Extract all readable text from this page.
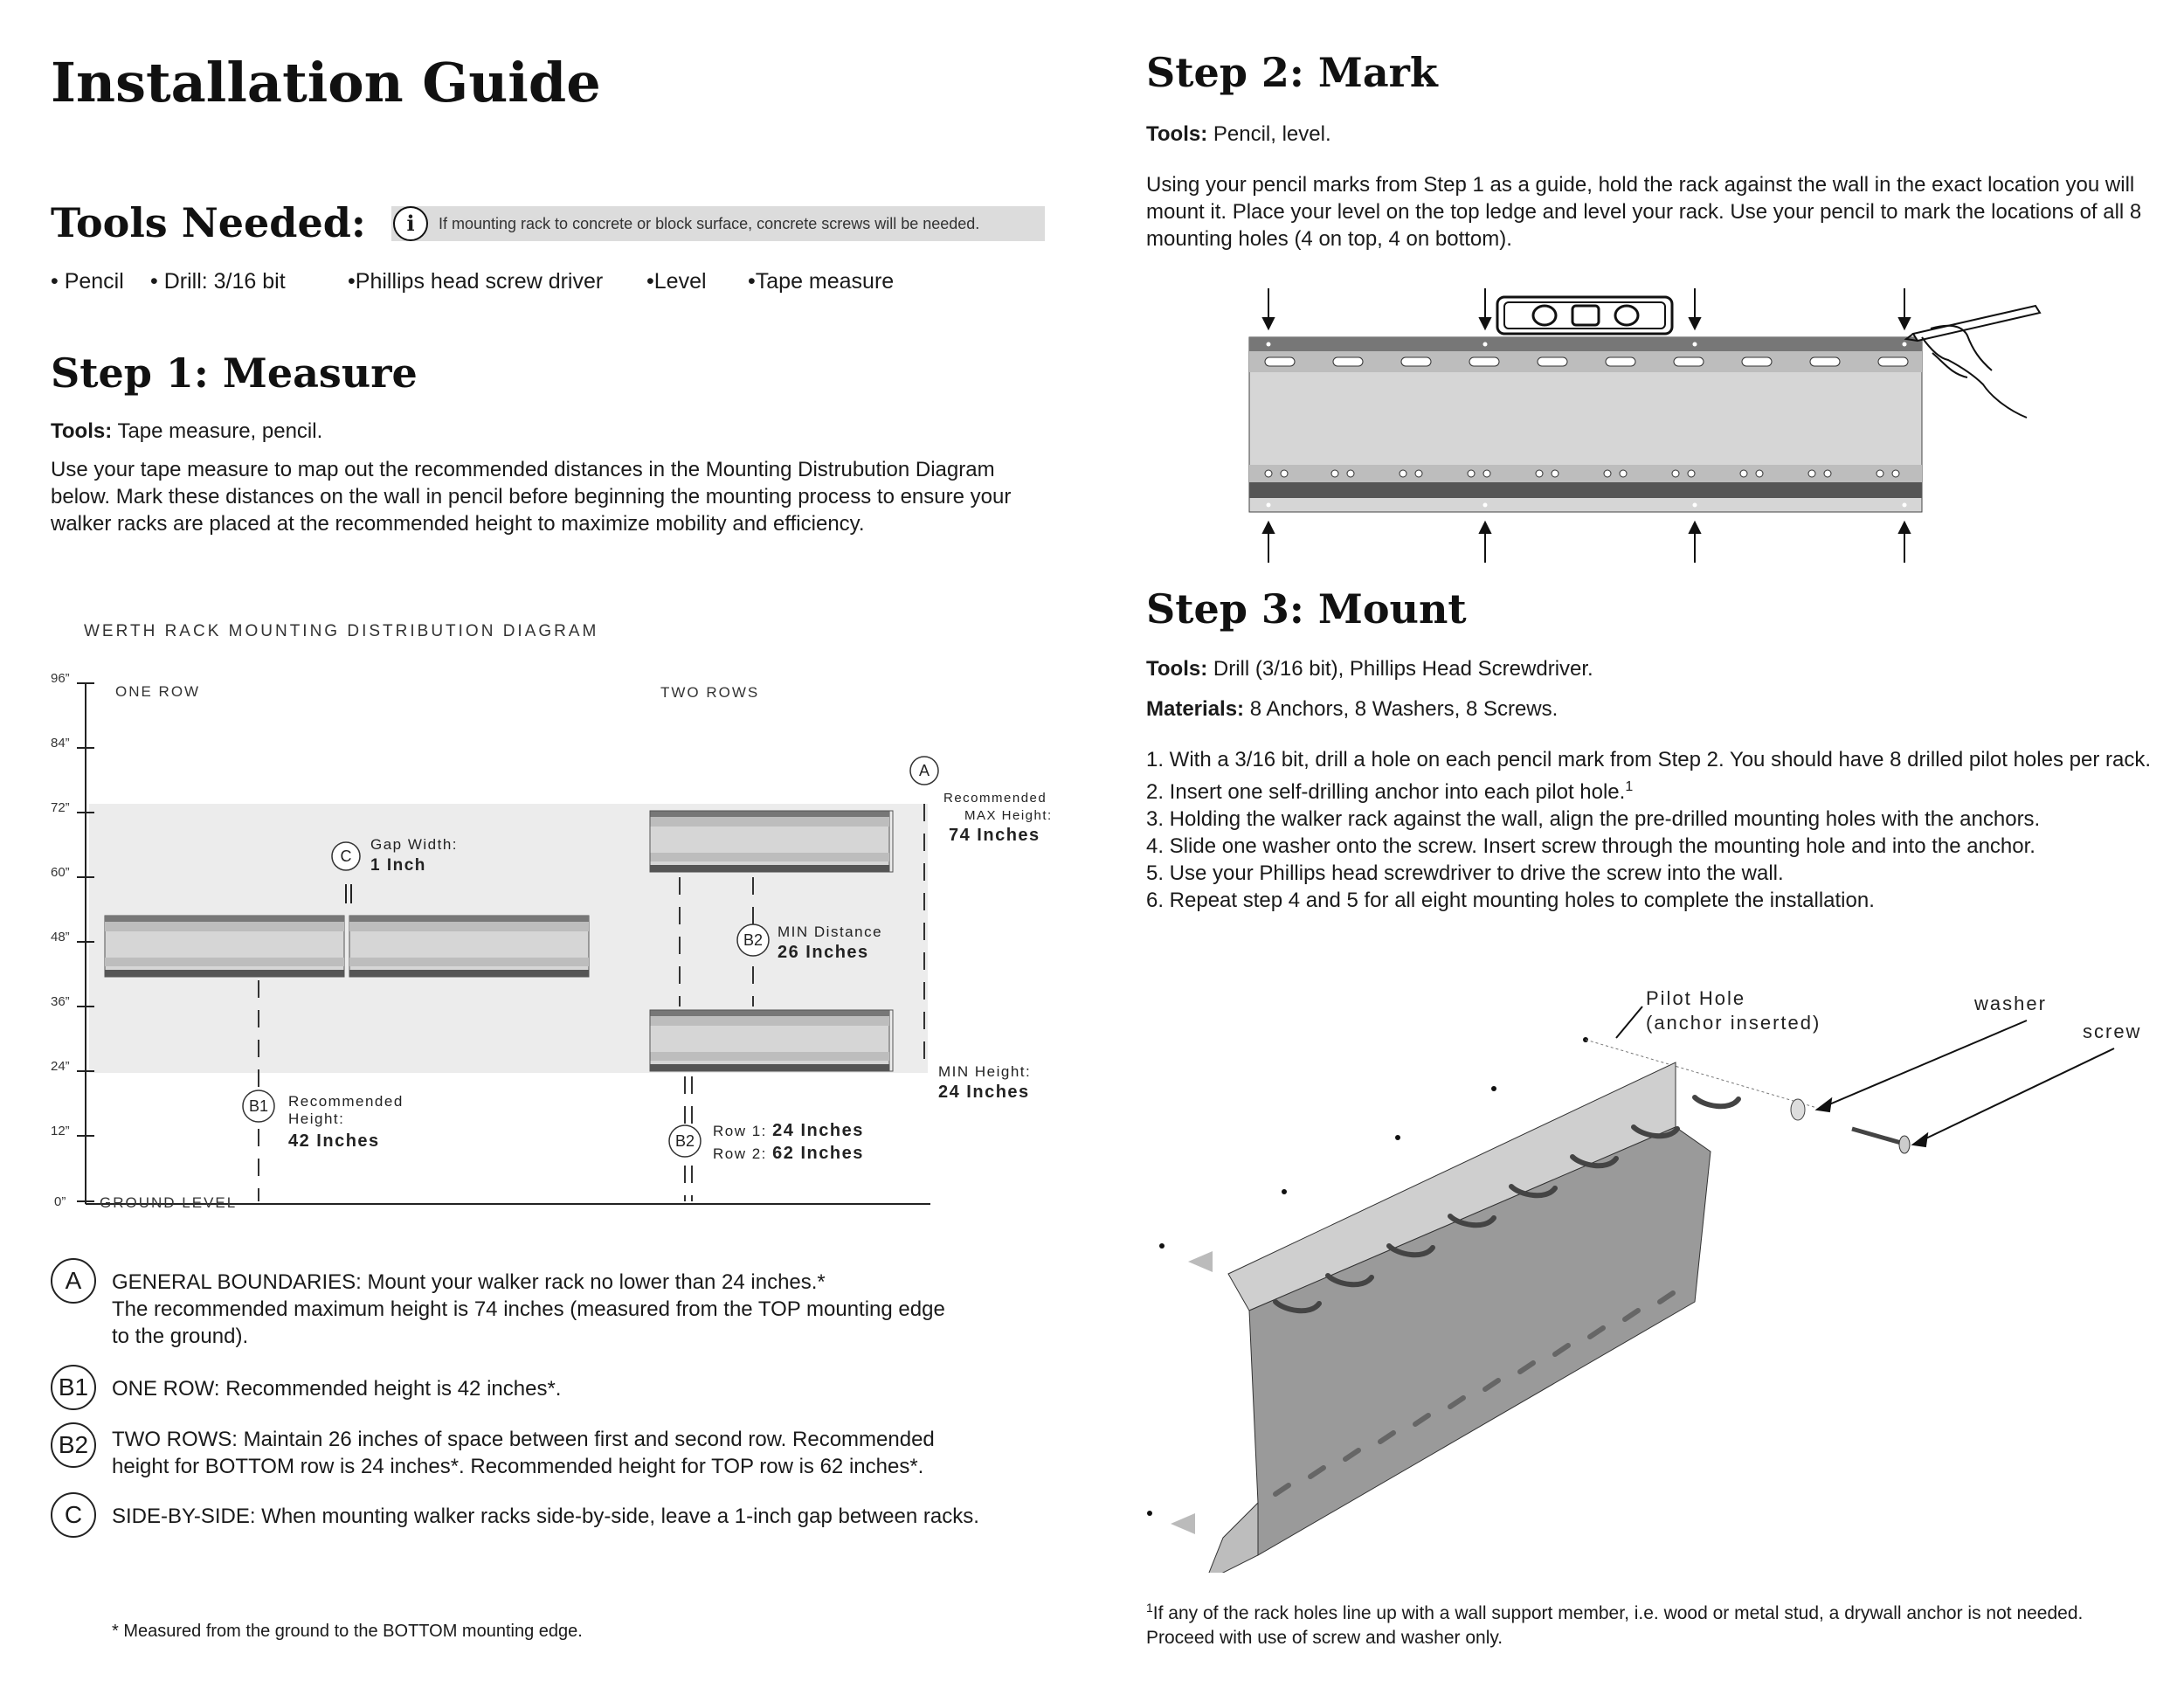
Installation Guide
Tools Needed:	i	If mounting rack to concrete or block surface, concrete screws will be needed.
• Pencil • Drill: 3/16 bit	•Phillips head screw driver •Level •Tape measure
Step 1: Measure
Tools: Tape measure, pencil.
Use your tape measure to map out the recommended distances in the Mounting Distrubution Diagram below. Mark these distances on the wall in pencil before beginning the mounting process to ensure your walker racks are placed at the recommended height to maximize mobility and efficiency.
WERTH RACK MOUNTING DISTRIBUTION DIAGRAM
96”
84”
72”
60”
48”
36”
24”
12”
0” GROUND LEVEL
ONE ROW	TWO ROWS
C
A
B2
B1
B2
Gap Width:
1 Inch
MIN Distance
26 Inches
Recommended
Height:
42 Inches
Row 1: 24 Inches
Row 2: 62 Inches
Recommended
MAX Height:
74 Inches
MIN Height:
24 Inches
A	GENERAL BOUNDARIES: Mount your walker rack no lower than 24 inches.*
The recommended maximum height is 74 inches (measured from the TOP mounting edge
to the ground).
B1	ONE ROW: Recommended height is 42 inches*.
B2	TWO ROWS: Maintain 26 inches of space between first and second row. Recommended
height for BOTTOM row is 24 inches*. Recommended height for TOP row is 62 inches*.
C	SIDE-BY-SIDE: When mounting walker racks side-by-side, leave a 1-inch gap between racks.
* Measured from the ground to the BOTTOM mounting edge.
Step 2: Mark
Tools: Pencil, level.
Using your pencil marks from Step 1 as a guide, hold the rack against the wall in the exact location you will mount it. Place your level on the top ledge and level your rack. Use your pencil to mark the locations of all 8 mounting holes (4 on top, 4 on bottom).
Step 3: Mount
Tools: Drill (3/16 bit), Phillips Head Screwdriver.
Materials: 8 Anchors, 8 Washers, 8 Screws.
1. With a 3/16 bit, drill a hole on each pencil mark from Step 2. You should have 8 drilled pilot holes per rack.
2. Insert one self-drilling anchor into each pilot hole.$^1$
3. Holding the walker rack against the wall, align the pre-drilled mounting holes with the anchors.
4. Slide one washer onto the screw. Insert screw through the mounting hole and into the anchor.
5. Use your Phillips head screwdriver to drive the screw into the wall.
6. Repeat step 4 and 5 for all eight mounting holes to complete the installation.
Pilot Hole
(anchor inserted)
washer
screw
$^1$If any of the rack holes line up with a wall support member, i.e. wood or metal stud, a drywall anchor is not needed. Proceed with use of screw and washer only.
